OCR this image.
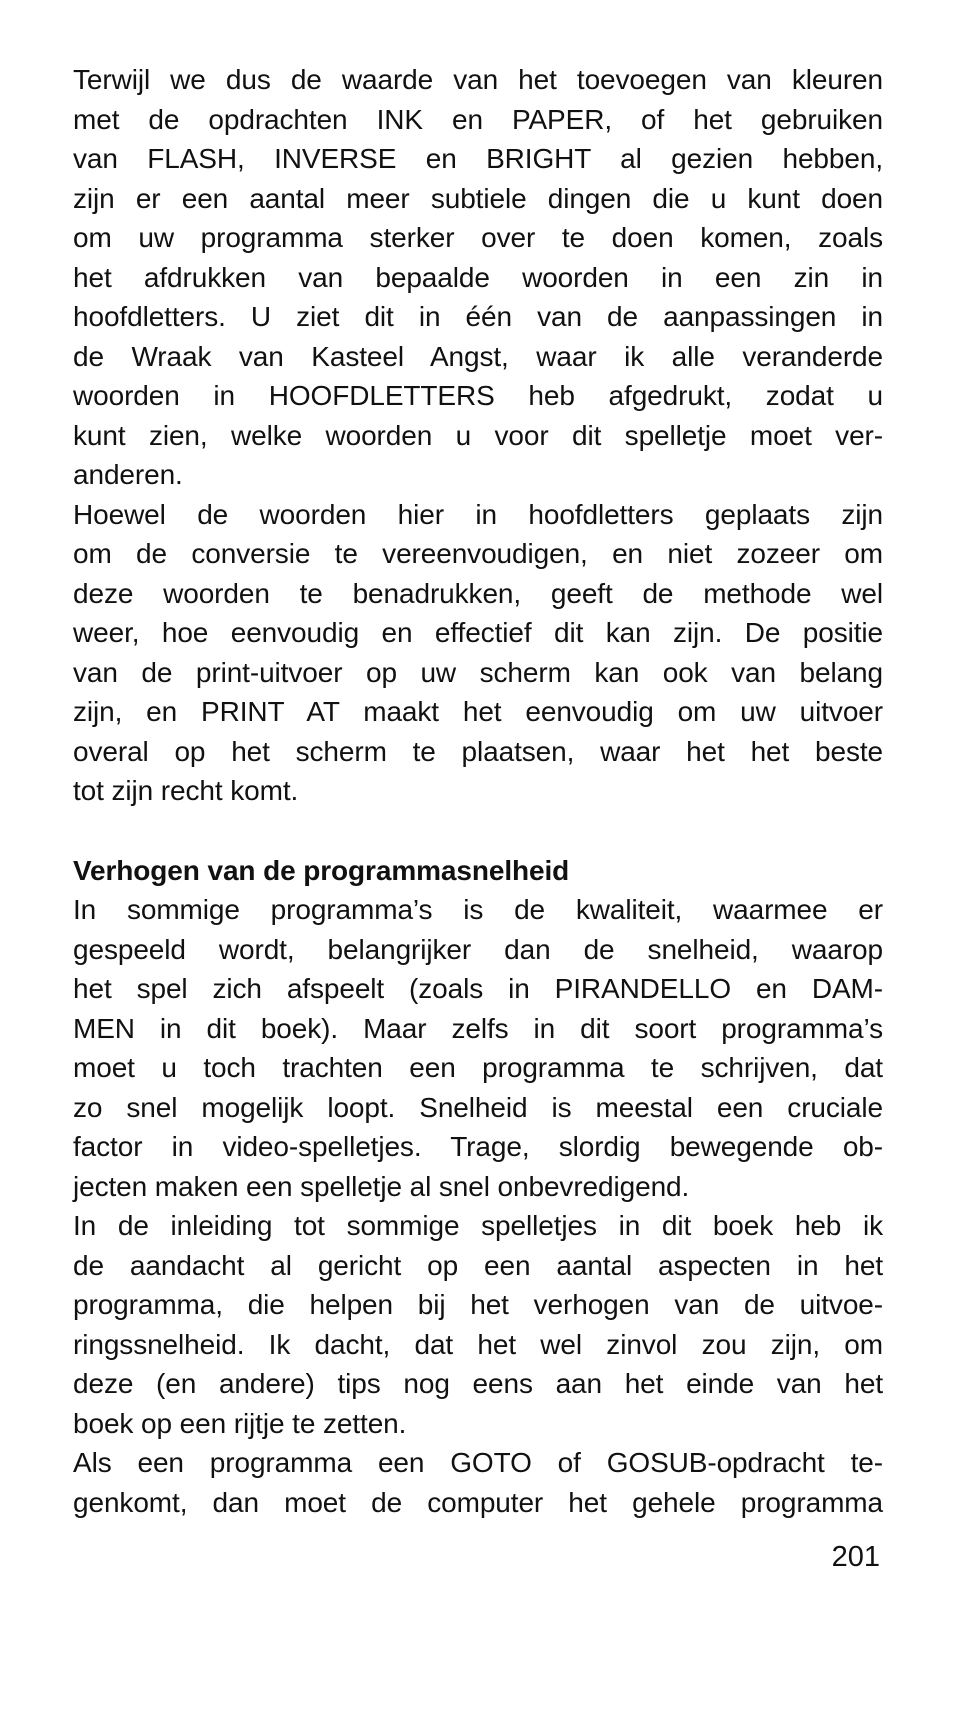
Terwijl we dus de waarde van het toevoegen van kleuren
met de opdrachten INK en PAPER, of het gebruiken
van FLASH, INVERSE en BRIGHT al gezien hebben,
zijn er een aantal meer subtiele dingen die u kunt doen
om uw programma sterker over te doen komen, zoals
het afdrukken van bepaalde woorden in een zin in
hoofdletters. U ziet dit in één van de aanpassingen in
de Wraak van Kasteel Angst, waar ik alle veranderde
woorden in HOOFDLETTERS heb afgedrukt, zodat u
kunt zien, welke woorden u voor dit spelletje moet ver-
anderen.
Hoewel de woorden hier in hoofdletters geplaats zijn
om de conversie te vereenvoudigen, en niet zozeer om
deze woorden te benadrukken, geeft de methode wel
weer, hoe eenvoudig en effectief dit kan zijn. De positie
van de print-uitvoer op uw scherm kan ook van belang
zijn, en PRINT AT maakt het eenvoudig om uw uitvoer
overal op het scherm te plaatsen, waar het het beste
tot zijn recht komt.
Verhogen van de programmasnelheid
In sommige programma’s is de kwaliteit, waarmee er
gespeeld wordt, belangrijker dan de snelheid, waarop
het spel zich afspeelt (zoals in PIRANDELLO en DAM-
MEN in dit boek). Maar zelfs in dit soort programma’s
moet u toch trachten een programma te schrijven, dat
zo snel mogelijk loopt. Snelheid is meestal een cruciale
factor in video-spelletjes. Trage, slordig bewegende ob-
jecten maken een spelletje al snel onbevredigend.
In de inleiding tot sommige spelletjes in dit boek heb ik
de aandacht al gericht op een aantal aspecten in het
programma, die helpen bij het verhogen van de uitvoe-
ringssnelheid. Ik dacht, dat het wel zinvol zou zijn, om
deze (en andere) tips nog eens aan het einde van het
boek op een rijtje te zetten.
Als een programma een GOTO of GOSUB-opdracht te-
genkomt, dan moet de computer het gehele programma
201
